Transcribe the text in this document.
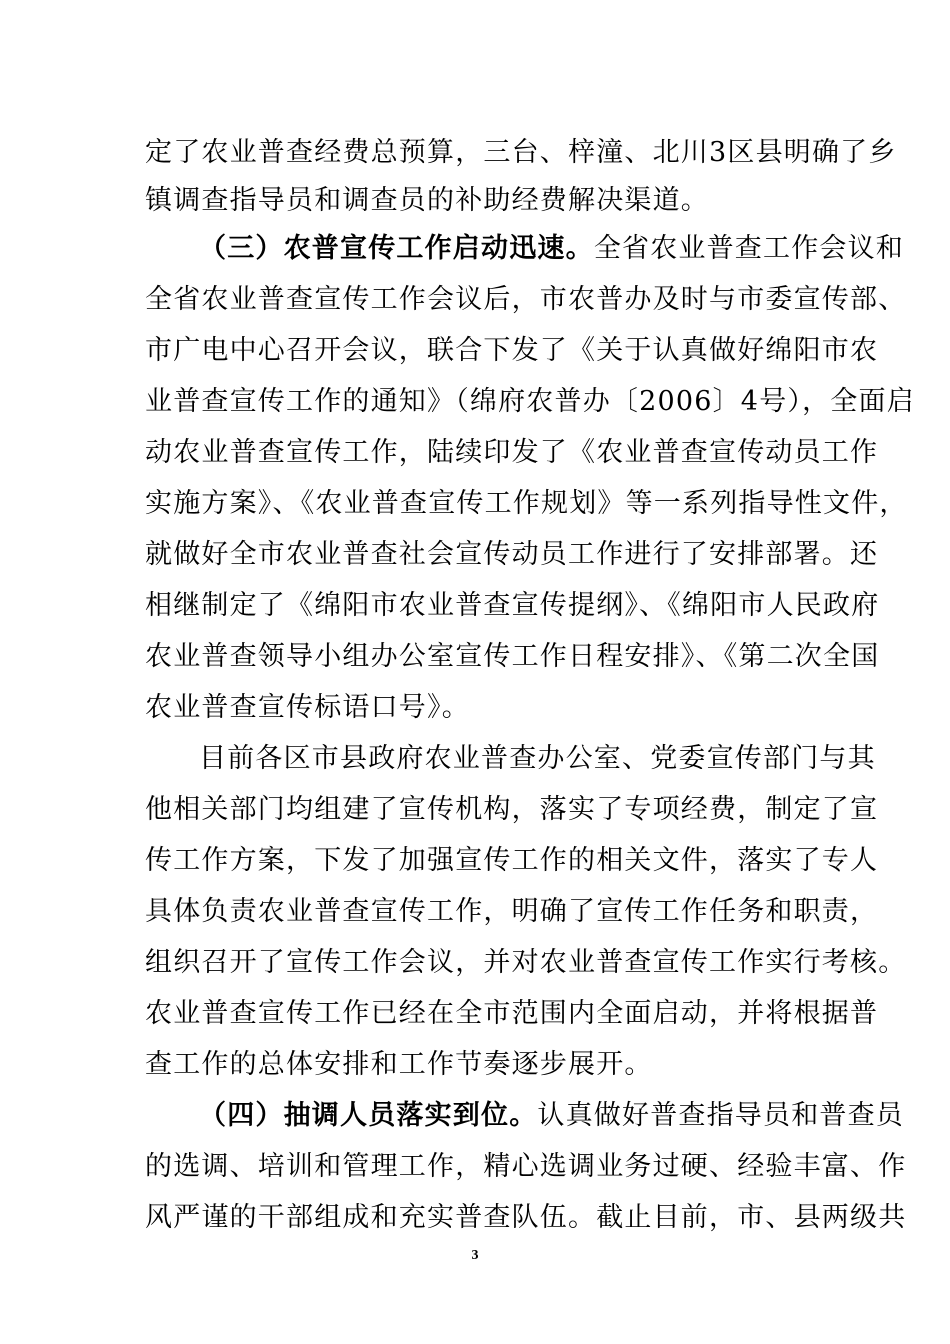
定了农业普查经费总预算，三台、梓潼、北川3区县明确了乡
镇调查指导员和调查员的补助经费解决渠道。
（三）农普宣传工作启动迅速。全省农业普查工作会议和
全省农业普查宣传工作会议后，市农普办及时与市委宣传部、
市广电中心召开会议，联合下发了《关于认真做好绵阳市农
业普查宣传工作的通知》（绵府农普办〔2006〕4号），全面启
动农业普查宣传工作，陆续印发了《农业普查宣传动员工作
实施方案》、《农业普查宣传工作规划》等一系列指导性文件，
就做好全市农业普查社会宣传动员工作进行了安排部署。还
相继制定了《绵阳市农业普查宣传提纲》、《绵阳市人民政府
农业普查领导小组办公室宣传工作日程安排》、《第二次全国
农业普查宣传标语口号》。
目前各区市县政府农业普查办公室、党委宣传部门与其
他相关部门均组建了宣传机构，落实了专项经费，制定了宣
传工作方案，下发了加强宣传工作的相关文件，落实了专人
具体负责农业普查宣传工作，明确了宣传工作任务和职责，
组织召开了宣传工作会议，并对农业普查宣传工作实行考核。
农业普查宣传工作已经在全市范围内全面启动，并将根据普
查工作的总体安排和工作节奏逐步展开。
（四）抽调人员落实到位。认真做好普查指导员和普查员
的选调、培训和管理工作，精心选调业务过硬、经验丰富、作
风严谨的干部组成和充实普查队伍。截止目前，市、县两级共
3
